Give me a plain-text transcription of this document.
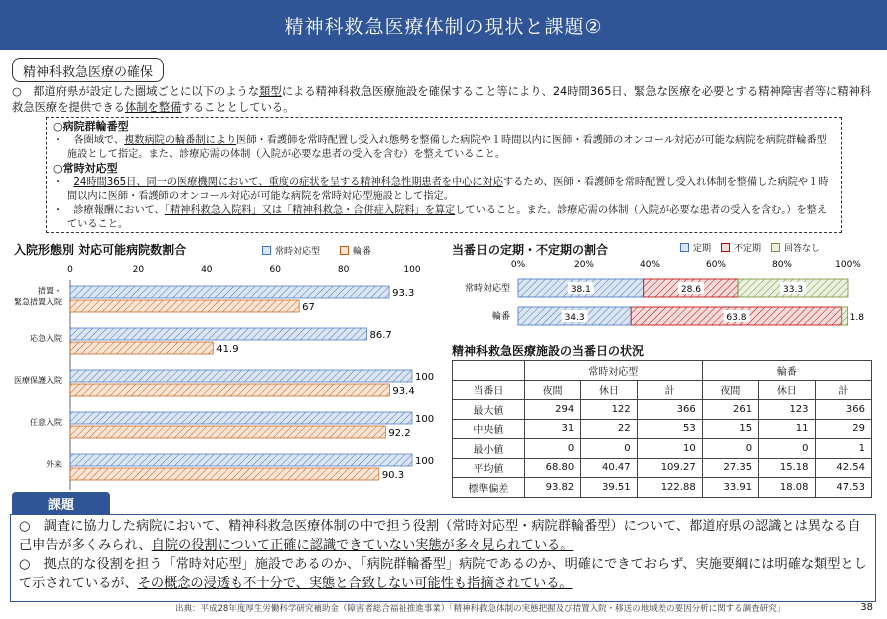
精神科救急医療体制の現状と課題②
精神科救急医療の確保
○　 都道府県が設定した圏域ごとに以下のような類型による精神科救急医療施設を確保すること等により、24時間365日、緊急な医療を必要とする精神障害者等に精神科救急医療を提供できる体制を整備することとしている。
○病院群輪番型
・　 各圏域で、複数病院の輪番制により医師・看護師を常時配置し受入れ態勢を整備した病院や１時間以内に医師・看護師のオンコール対応が可能な病院を病院群輪番型施設として指定。また、診療応需の体制（入院が必要な患者の受入を含む）を整えていること。
○常時対応型
・　 24時間365日、同一の医療機関において、重度の症状を呈する精神科急性期患者を中心に対応するため、医師・看護師を常時配置し受入れ体制を整備した病院や１時間以内に医師・看護師のオンコール対応が可能な病院を常時対応型施設として指定。
・　 診療報酬において、「精神科救急入院料」又は「精神科救急・合併症入院料」を算定していること。また、診療応需の体制（入院が必要な患者の受入を含む。）を整えていること。
入院形態別 対応可能病院数割合	常時対応型	輪番
0	20	40	60	80	100
措置・
緊急措置入院
93.3
67
応急入院	86.7
41.9
医療保護入院	100
93.4
任意入院	100
92.2
外来	100
90.3
当番日の定期・不定期の割合	定期	不定期	回答なし
0%	20%	40%	60%	80%	100%
常時対応型	38.1	28.6	33.3
輪番	34.3	63.8	1.8
精神科救急医療施設の当番日の状況
	常時対応型			輪番		
当番日	夜間	休日	計	夜間	休日	計
最大値	294	122	366	261	123	366
中央値	31	22	53	15	11	29
最小値	0	0	10	0	0	1
平均値	68.80	40.47	109.27	27.35	15.18	42.54
標準偏差	93.82	39.51	122.88	33.91	18.08	47.53
課題
○　 調査に協力した病院において、精神科救急医療体制の中で担う役割（常時対応型・病院群輪番型）について、都道府県の認識とは異なる自己申告が多くみられ、自院の役割について正確に認識できていない実態が多々見られている。
○　 拠点的な役割を担う「常時対応型」施設であるのか、「病院群輪番型」病院であるのか、明確にできておらず、実施要綱には明確な類型として示されているが、その概念の浸透も不十分で、実態と合致しない可能性も指摘されている。
出典：平成28年度厚生労働科学研究補助金（障害者総合福祉推進事業）「精神科救急体制の実態把握及び措置入院・移送の地域差の要因分析に関する調査研究」	38
